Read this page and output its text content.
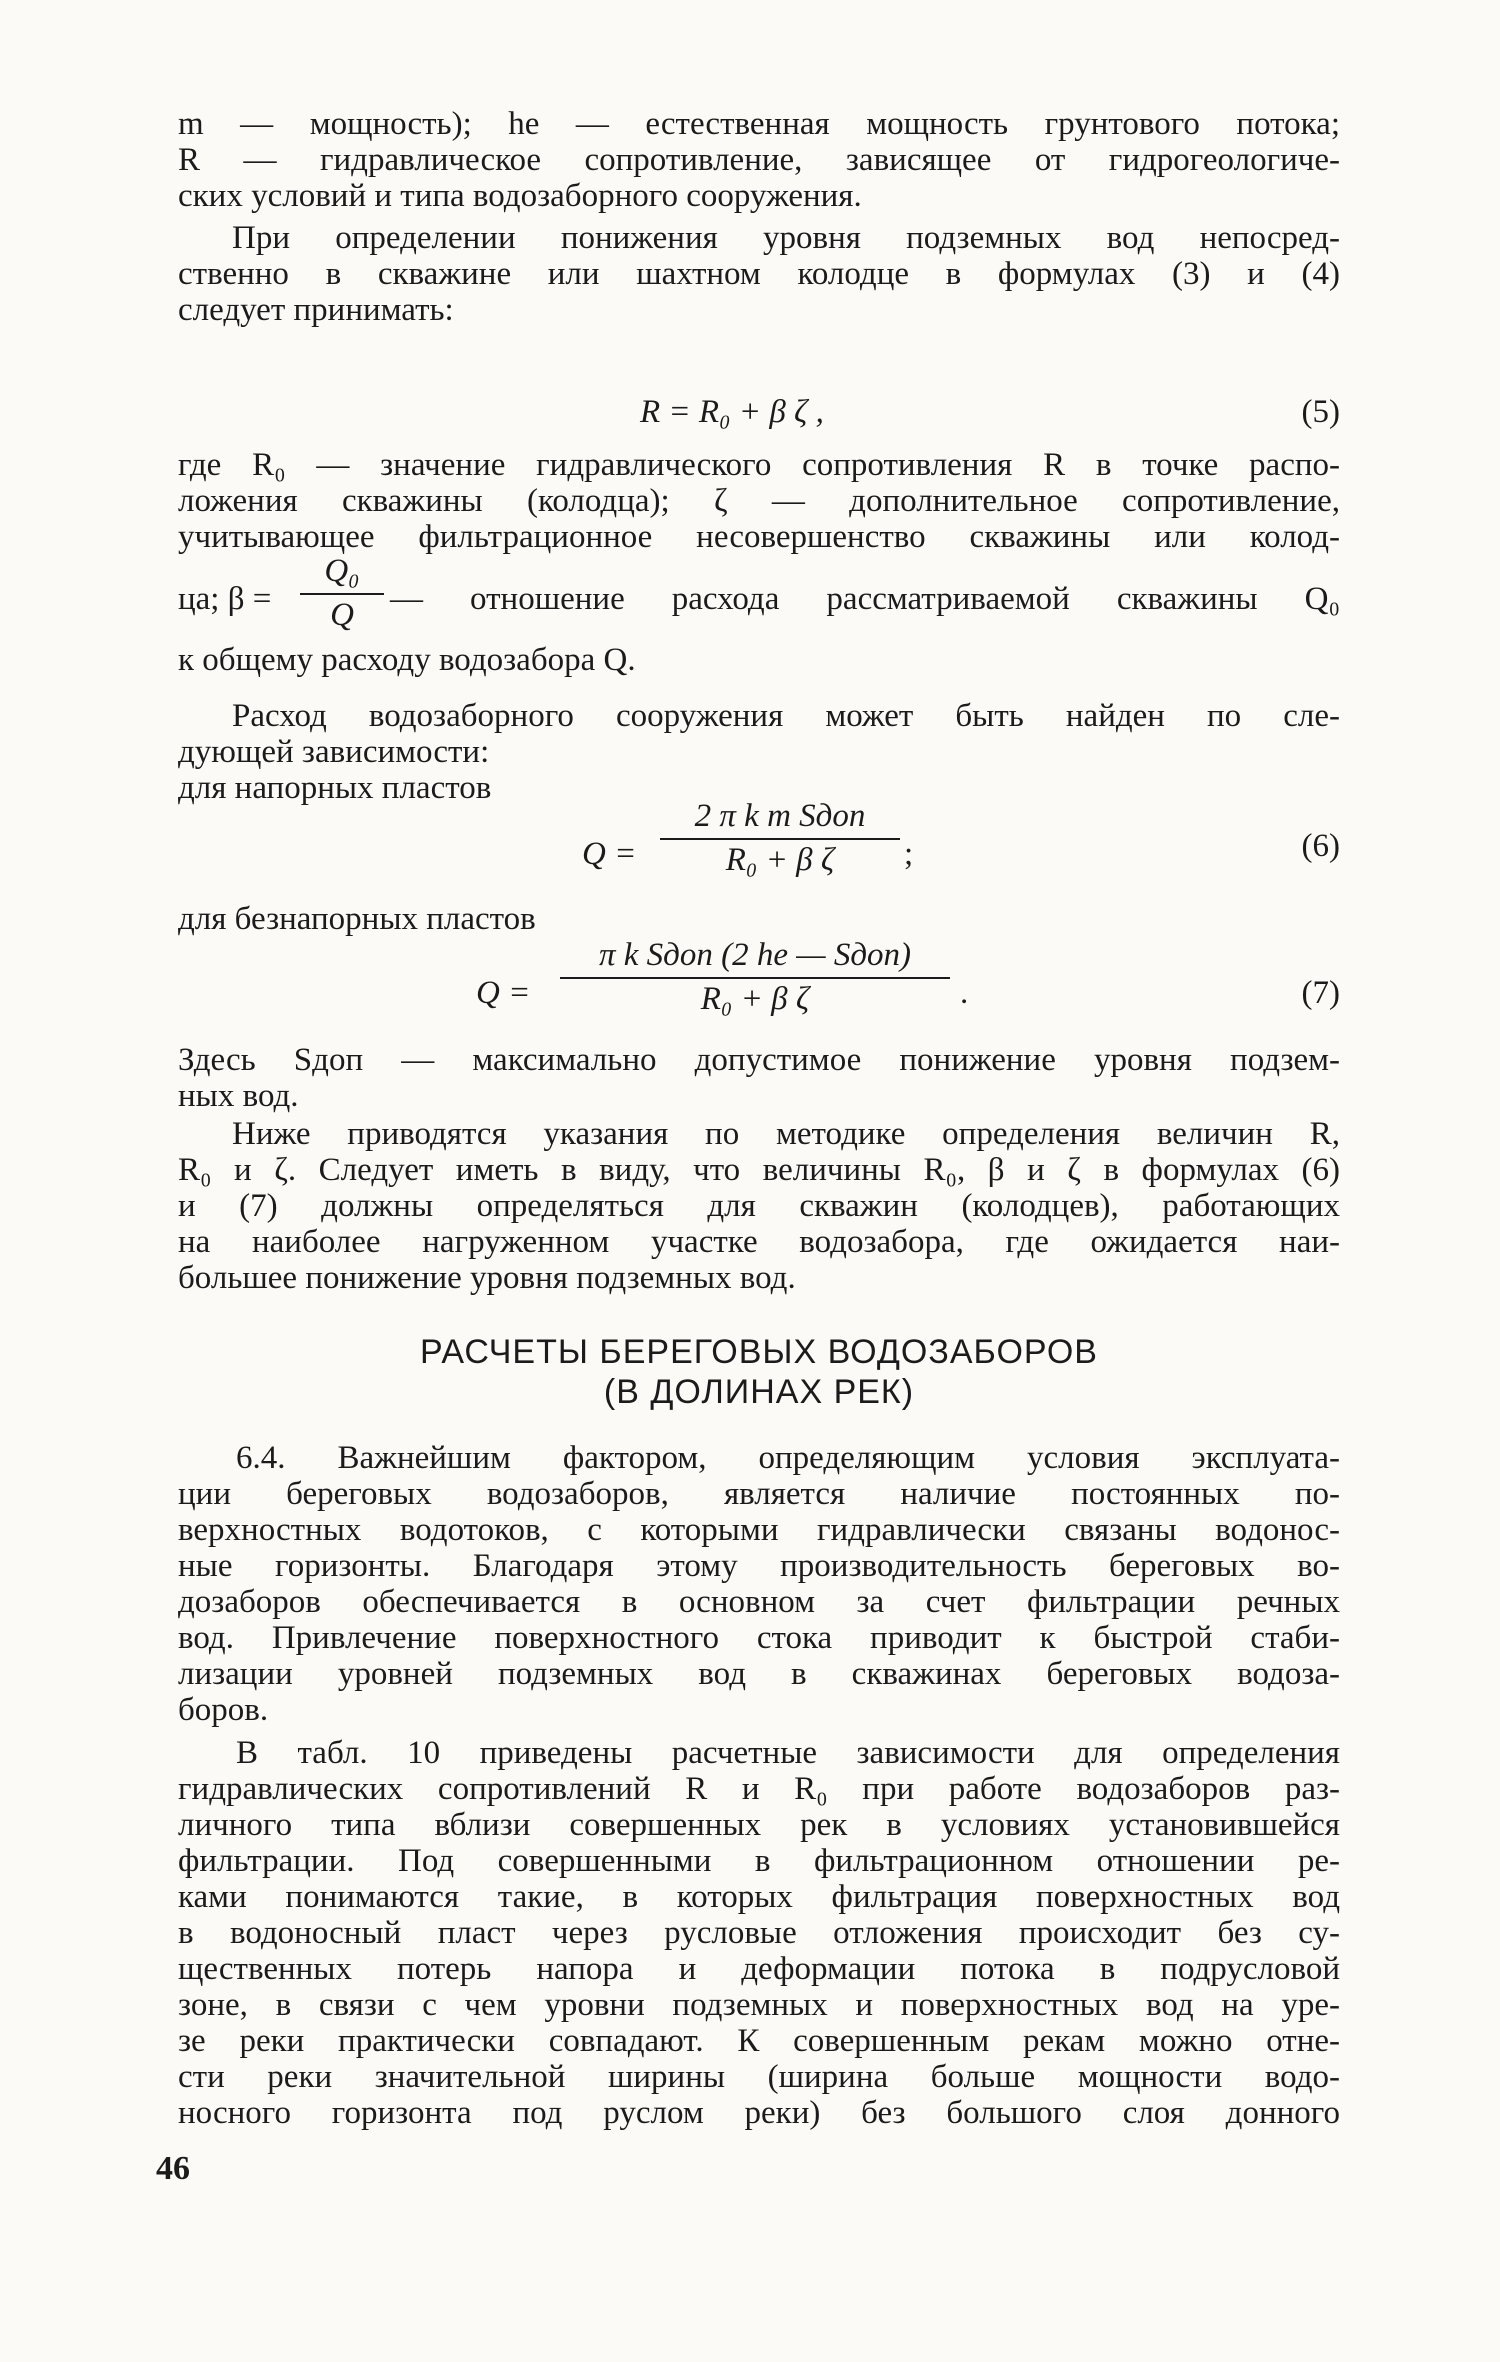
m — мощность); hе — естественная мощность грунтового потока;
R — гидравлическое сопротивление, зависящее от гидрогеологиче-
ских условий и типа водозаборного сооружения.
При определении понижения уровня подземных вод непосред-
ственно в скважине или шахтном колодце в формулах (3) и (4)
следует принимать:
R = R₀ + β ζ ,	(5)
где R₀ — значение гидравлического сопротивления R в точке распо-
ложения скважины (колодца); ζ — дополнительное сопротивление,
учитывающее фильтрационное несовершенство скважины или колод-
ца; β =
Q₀
Q	— отношение расхода рассматриваемой скважины Q₀
к общему расходу водозабора Q.
Расход водозаборного сооружения может быть найден по сле-
дующей зависимости:
для напорных пластов
Q =
2 π k m Sдоп
R₀ + β ζ	;	(6)
для безнапорных пластов
Q =
π k Sдоп (2 hе — Sдоп)
R₀ + β ζ	.	(7)
Здесь Sдоп — максимально допустимое понижение уровня подзем-
ных вод.
Ниже приводятся указания по методике определения величин R,
R₀ и ζ. Следует иметь в виду, что величины R₀, β и ζ в формулах (6)
и (7) должны определяться для скважин (колодцев), работающих
на наиболее нагруженном участке водозабора, где ожидается наи-
большее понижение уровня подземных вод.
РАСЧЕТЫ БЕРЕГОВЫХ ВОДОЗАБОРОВ
(В ДОЛИНАХ РЕК)
6.4. Важнейшим фактором, определяющим условия эксплуата-
ции береговых водозаборов, является наличие постоянных по-
верхностных водотоков, с которыми гидравлически связаны водонос-
ные горизонты. Благодаря этому производительность береговых во-
дозаборов обеспечивается в основном за счет фильтрации речных
вод. Привлечение поверхностного стока приводит к быстрой стаби-
лизации уровней подземных вод в скважинах береговых водоза-
боров.
В табл. 10 приведены расчетные зависимости для определения
гидравлических сопротивлений R и R₀ при работе водозаборов раз-
личного типа вблизи совершенных рек в условиях установившейся
фильтрации. Под совершенными в фильтрационном отношении ре-
ками понимаются такие, в которых фильтрация поверхностных вод
в водоносный пласт через русловые отложения происходит без су-
щественных потерь напора и деформации потока в подрусловой
зоне, в связи с чем уровни подземных и поверхностных вод на уре-
зе реки практически совпадают. К совершенным рекам можно отне-
сти реки значительной ширины (ширина больше мощности водо-
носного горизонта под руслом реки) без большого слоя донного
46
